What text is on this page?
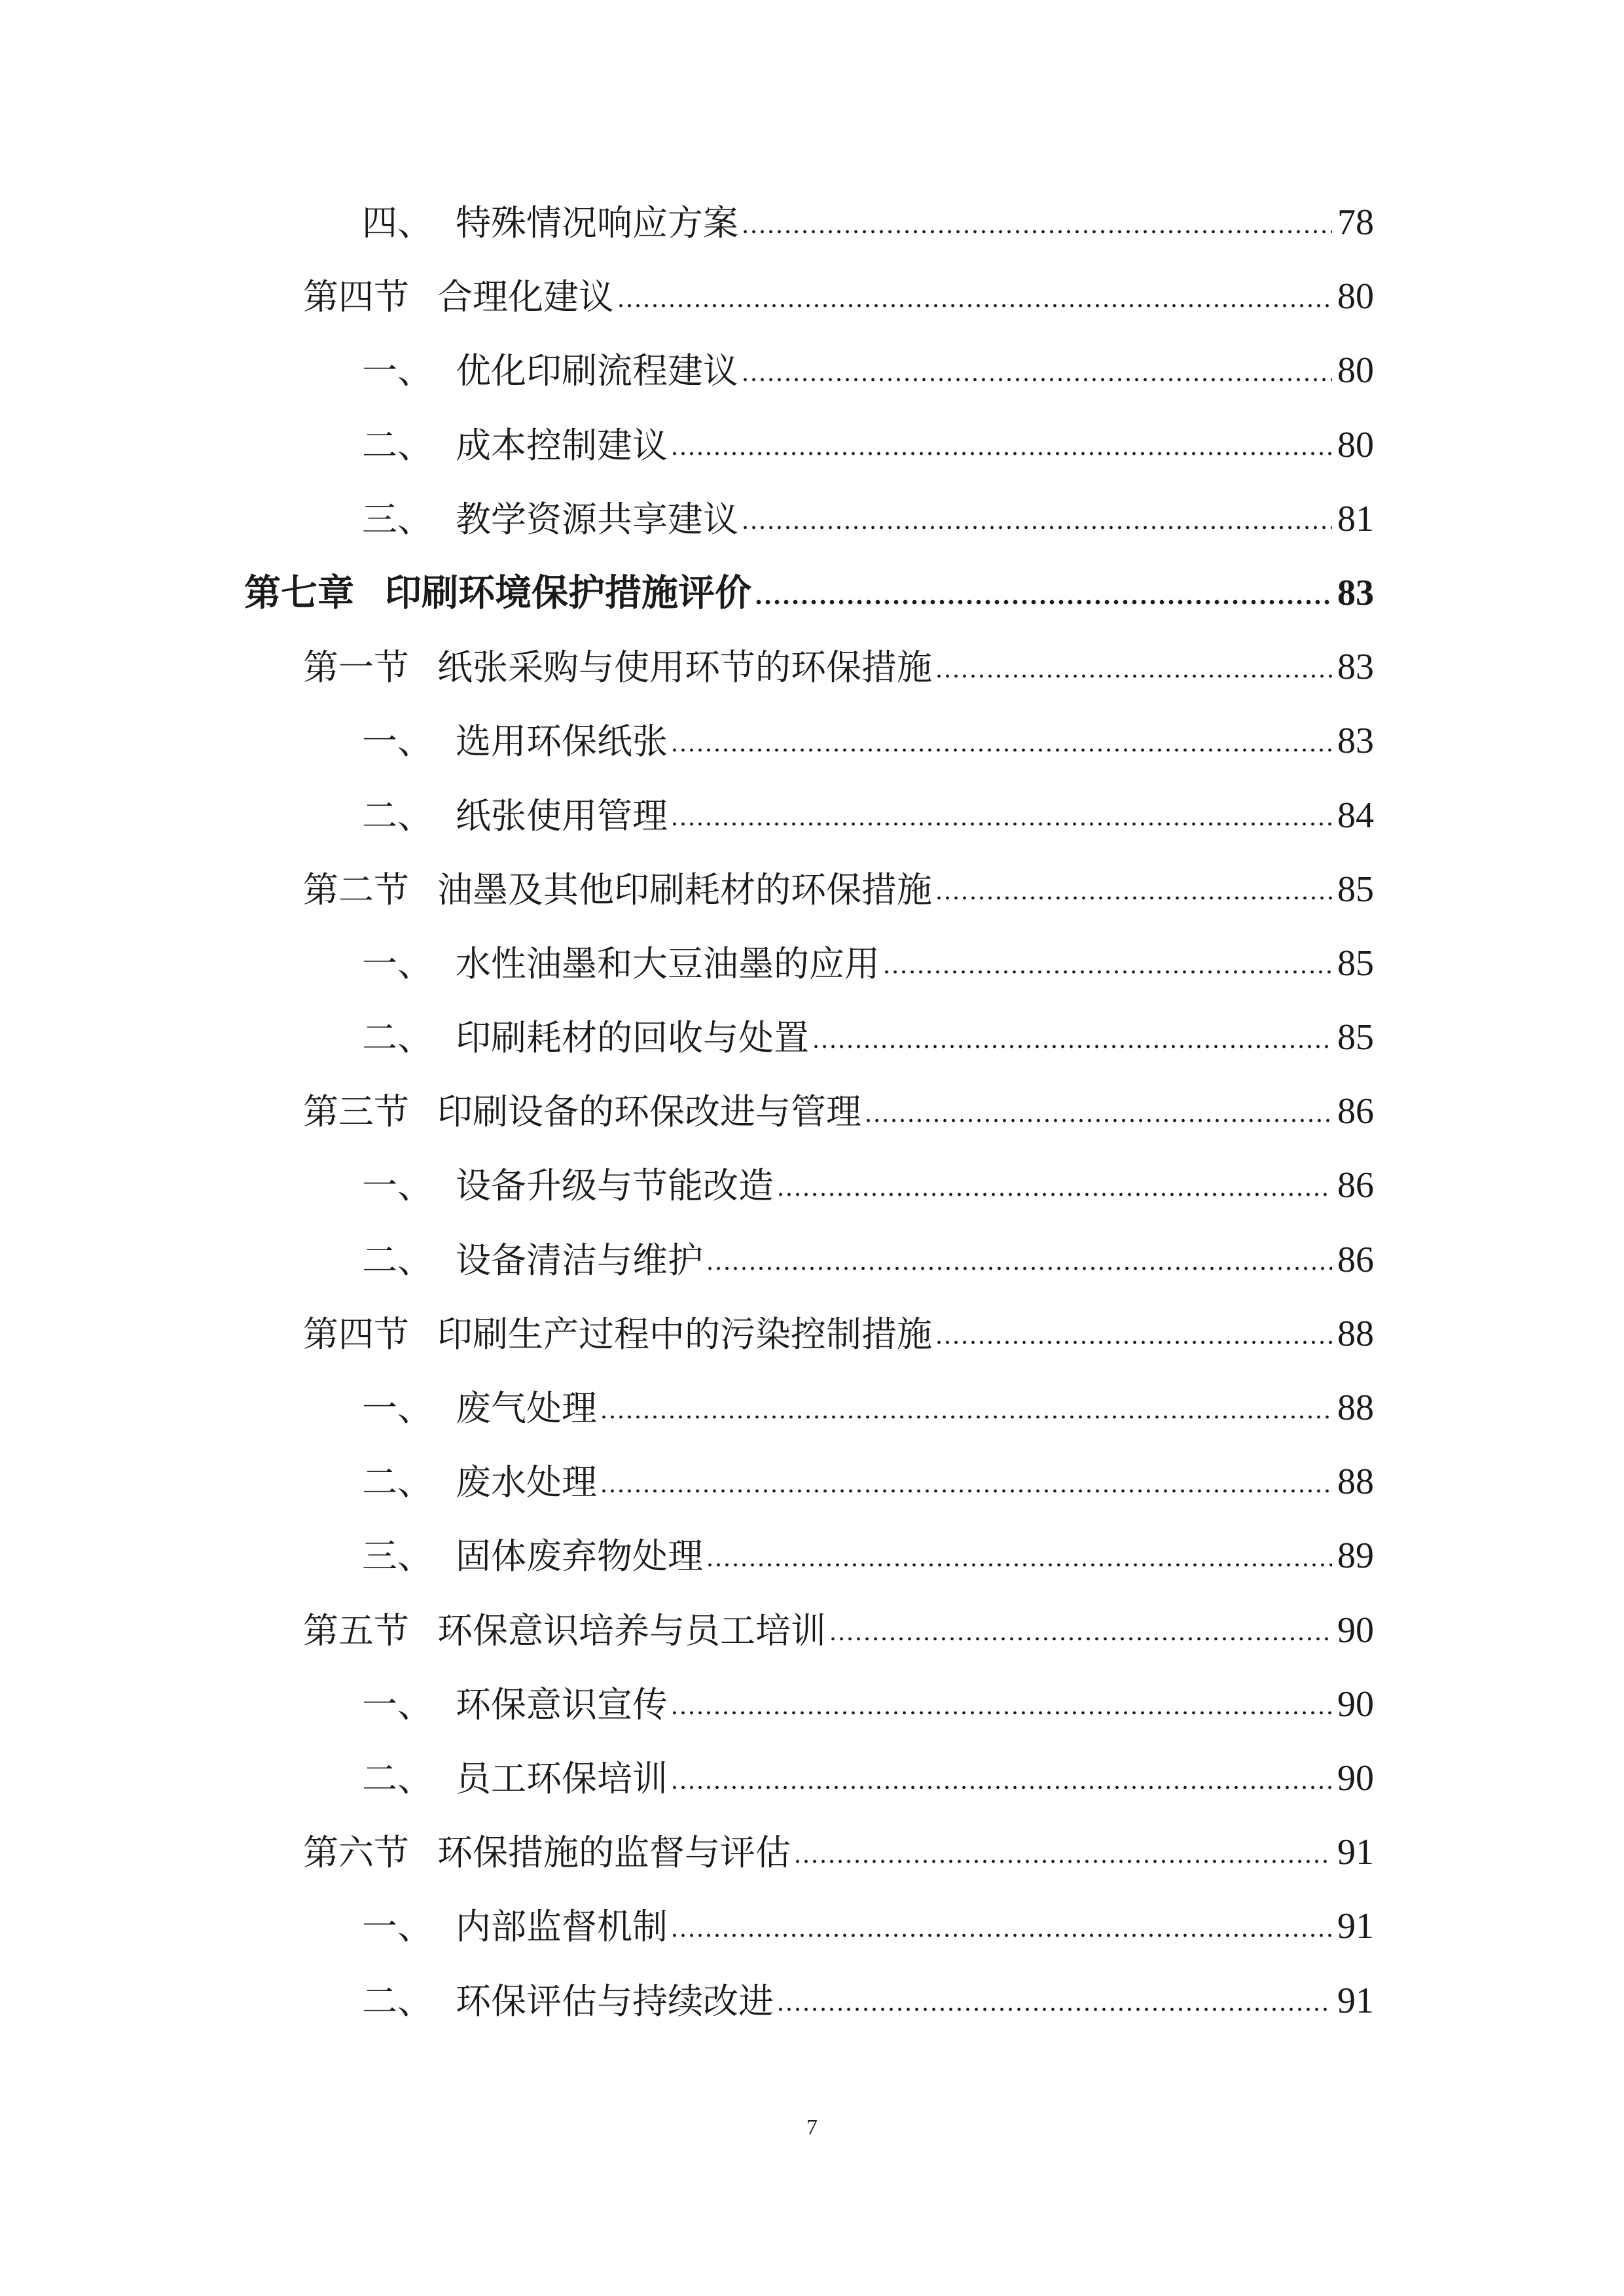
四、 特殊情况响应方案	78
第四节 合理化建议	80
一、 优化印刷流程建议	80
二、 成本控制建议	80
三、 教学资源共享建议	81
第七章 印刷环境保护措施评价	83
第一节 纸张采购与使用环节的环保措施	83
一、 选用环保纸张	83
二、 纸张使用管理	84
第二节 油墨及其他印刷耗材的环保措施	85
一、 水性油墨和大豆油墨的应用	85
二、 印刷耗材的回收与处置	85
第三节 印刷设备的环保改进与管理	86
一、 设备升级与节能改造	86
二、 设备清洁与维护	86
第四节 印刷生产过程中的污染控制措施	88
一、 废气处理	88
二、 废水处理	88
三、 固体废弃物处理	89
第五节 环保意识培养与员工培训	90
一、 环保意识宣传	90
二、 员工环保培训	90
第六节 环保措施的监督与评估	91
一、 内部监督机制	91
二、 环保评估与持续改进	91
7
